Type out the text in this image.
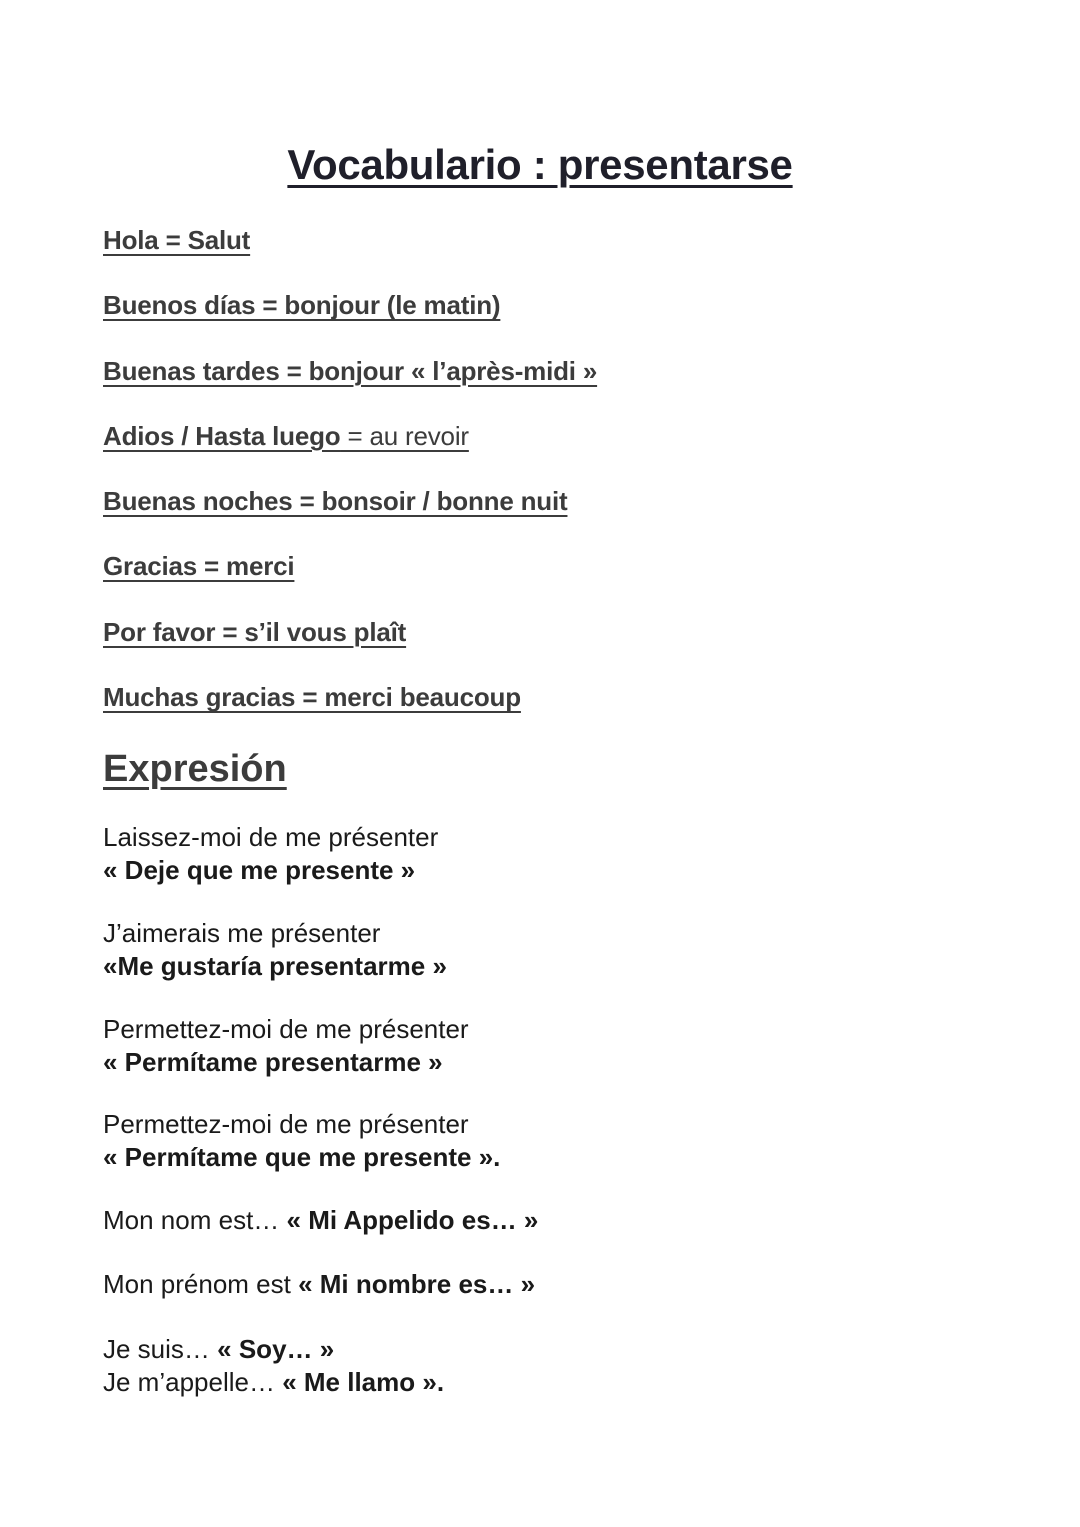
Vocabulario : presentarse
Hola = Salut
Buenos días = bonjour (le matin)
Buenas tardes = bonjour « l’après-midi »
Adios / Hasta luego = au revoir
Buenas noches = bonsoir / bonne nuit
Gracias = merci
Por favor = s’il vous plaît
Muchas gracias = merci beaucoup
Expresión
Laissez-moi de me présenter
« Deje que me presente »
J’aimerais me présenter
«Me gustaría presentarme »
Permettez-moi de me présenter
« Permítame presentarme »
Permettez-moi de me présenter
« Permítame que me presente ».
Mon nom est… « Mi Appelido es… »
Mon prénom est « Mi nombre es… »
Je suis… « Soy… »
Je m’appelle… « Me llamo ».
